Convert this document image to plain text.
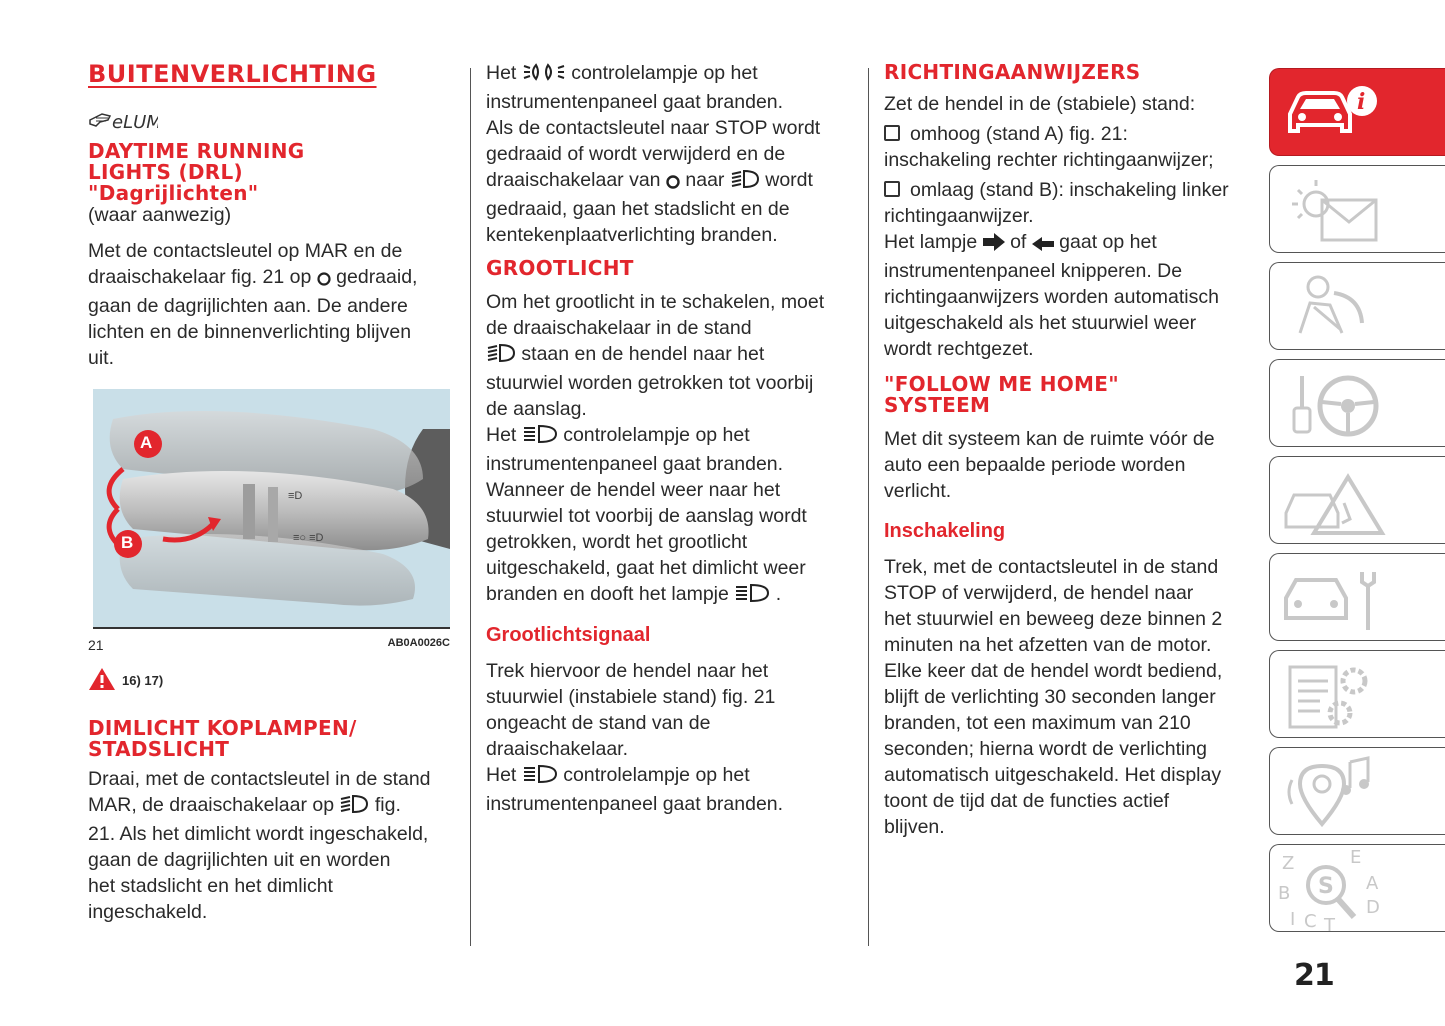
BUITENVERLICHTING
eLUM
DAYTIME RUNNING
LIGHTS (DRL)
"Dagrijlichten"

(waar aanwezig)

Met de contactsleutel op MAR en de

draaischakelaar fig. 21 op gedraaid,

gaan de dagrijlichten aan. De andere

lichten en de binnenverlichting blijven

uit.

≡D
≡○ ≡D
A
B
21	AB0A0026C
16) 17)
DIMLICHT KOPLAMPEN/
STADSLICHT

Draai, met de contactsleutel in de stand

MAR, de draaischakelaar op fig.

21. Als het dimlicht wordt ingeschakeld,

gaan de dagrijlichten uit en worden

het stadslicht en het dimlicht

ingeschakeld.

Het	controlelampje op het

instrumentenpaneel gaat branden.

Als de contactsleutel naar STOP wordt

gedraaid of wordt verwijderd en de

draaischakelaar van naar wordt

gedraaid, gaan het stadslicht en de

kentekenplaatverlichting branden.

GROOTLICHT

Om het grootlicht in te schakelen, moet

de draaischakelaar in de stand

staan en de hendel naar het

stuurwiel worden getrokken tot voorbij

de aanslag.

Het controlelampje op het

instrumentenpaneel gaat branden.

Wanneer de hendel weer naar het

stuurwiel tot voorbij de aanslag wordt

getrokken, wordt het grootlicht

uitgeschakeld, gaat het dimlicht weer

branden en dooft het lampje .

Grootlichtsignaal

Trek hiervoor de hendel naar het

stuurwiel (instabiele stand) fig. 21

ongeacht de stand van de

draaischakelaar.

Het controlelampje op het

instrumentenpaneel gaat branden.

RICHTINGAANWIJZERS

Zet de hendel in de (stabiele) stand:

omhoog (stand A) fig. 21:

inschakeling rechter richtingaanwijzer;

omlaag (stand B): inschakeling linker

richtingaanwijzer.

Het lampje of gaat op het

instrumentenpaneel knipperen. De

richtingaanwijzers worden automatisch

uitgeschakeld als het stuurwiel weer

wordt rechtgezet.

"FOLLOW ME HOME"
SYSTEEM

Met dit systeem kan de ruimte vóór de

auto een bepaalde periode worden

verlicht.

Inschakeling

Trek, met de contactsleutel in de stand

STOP of verwijderd, de hendel naar

het stuurwiel en beweeg deze binnen 2

minuten na het afzetten van de motor.

Elke keer dat de hendel wordt bediend,

blijft de verlichting 30 seconden langer

branden, tot een maximum van 210

seconden; hierna wordt de verlichting

automatisch uitgeschakeld. Het display

toont de tijd dat de functies actief

blijven.

i
Z	E
A
B
D
I C T
S
21
